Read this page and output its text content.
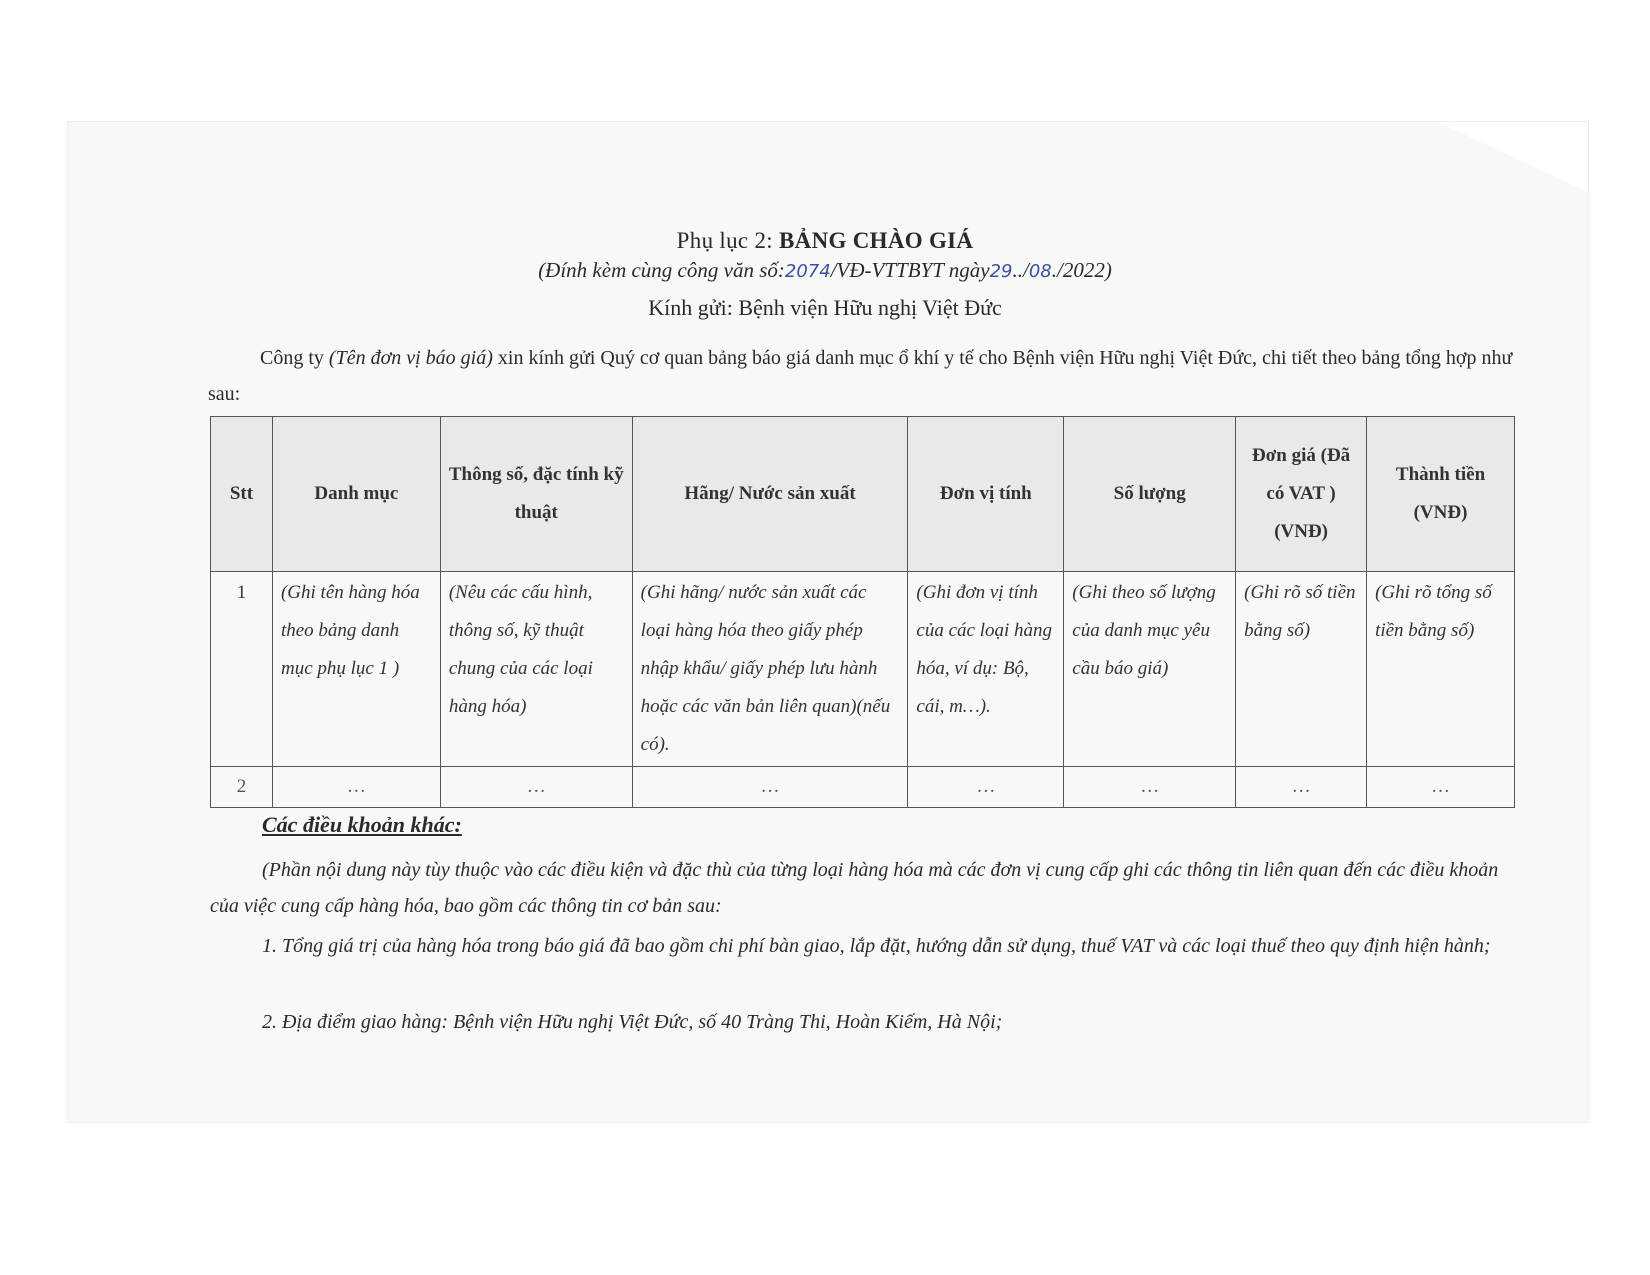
Phụ lục 2: BẢNG CHÀO GIÁ
(Đính kèm cùng công văn số:2074/VĐ-VTTBYT ngày29../08./2022)
Kính gửi: Bệnh viện Hữu nghị Việt Đức
Công ty (Tên đơn vị báo giá) xin kính gửi Quý cơ quan bảng báo giá danh mục ổ khí y tế cho Bệnh viện Hữu nghị Việt Đức, chi tiết theo bảng tổng hợp như sau:
Stt	Danh mục	Thông số, đặc tính kỹ thuật	Hãng/ Nước sản xuất	Đơn vị tính	Số lượng	Đơn giá (Đã có VAT ) (VNĐ)	Thành tiền (VNĐ)
1	(Ghi tên hàng hóa theo bảng danh mục phụ lục 1 )	(Nêu các cấu hình, thông số, kỹ thuật chung của các loại hàng hóa)	(Ghi hãng/ nước sản xuất các loại hàng hóa theo giấy phép nhập khẩu/ giấy phép lưu hành hoặc các văn bản liên quan)(nếu có).	(Ghi đơn vị tính của các loại hàng hóa, ví dụ: Bộ, cái, m…).	(Ghi theo số lượng của danh mục yêu cầu báo giá)	(Ghi rõ số tiền bằng số)	(Ghi rõ tổng số tiền bằng số)
2	…	…	…	…	…	…	…
Các điều khoản khác:
(Phần nội dung này tùy thuộc vào các điều kiện và đặc thù của từng loại hàng hóa mà các đơn vị cung cấp ghi các thông tin liên quan đến các điều khoản của việc cung cấp hàng hóa, bao gồm các thông tin cơ bản sau:
1. Tổng giá trị của hàng hóa trong báo giá đã bao gồm chi phí bàn giao, lắp đặt, hướng dẫn sử dụng, thuế VAT và các loại thuế theo quy định hiện hành;
2. Địa điểm giao hàng: Bệnh viện Hữu nghị Việt Đức, số 40 Tràng Thi, Hoàn Kiếm, Hà Nội;
